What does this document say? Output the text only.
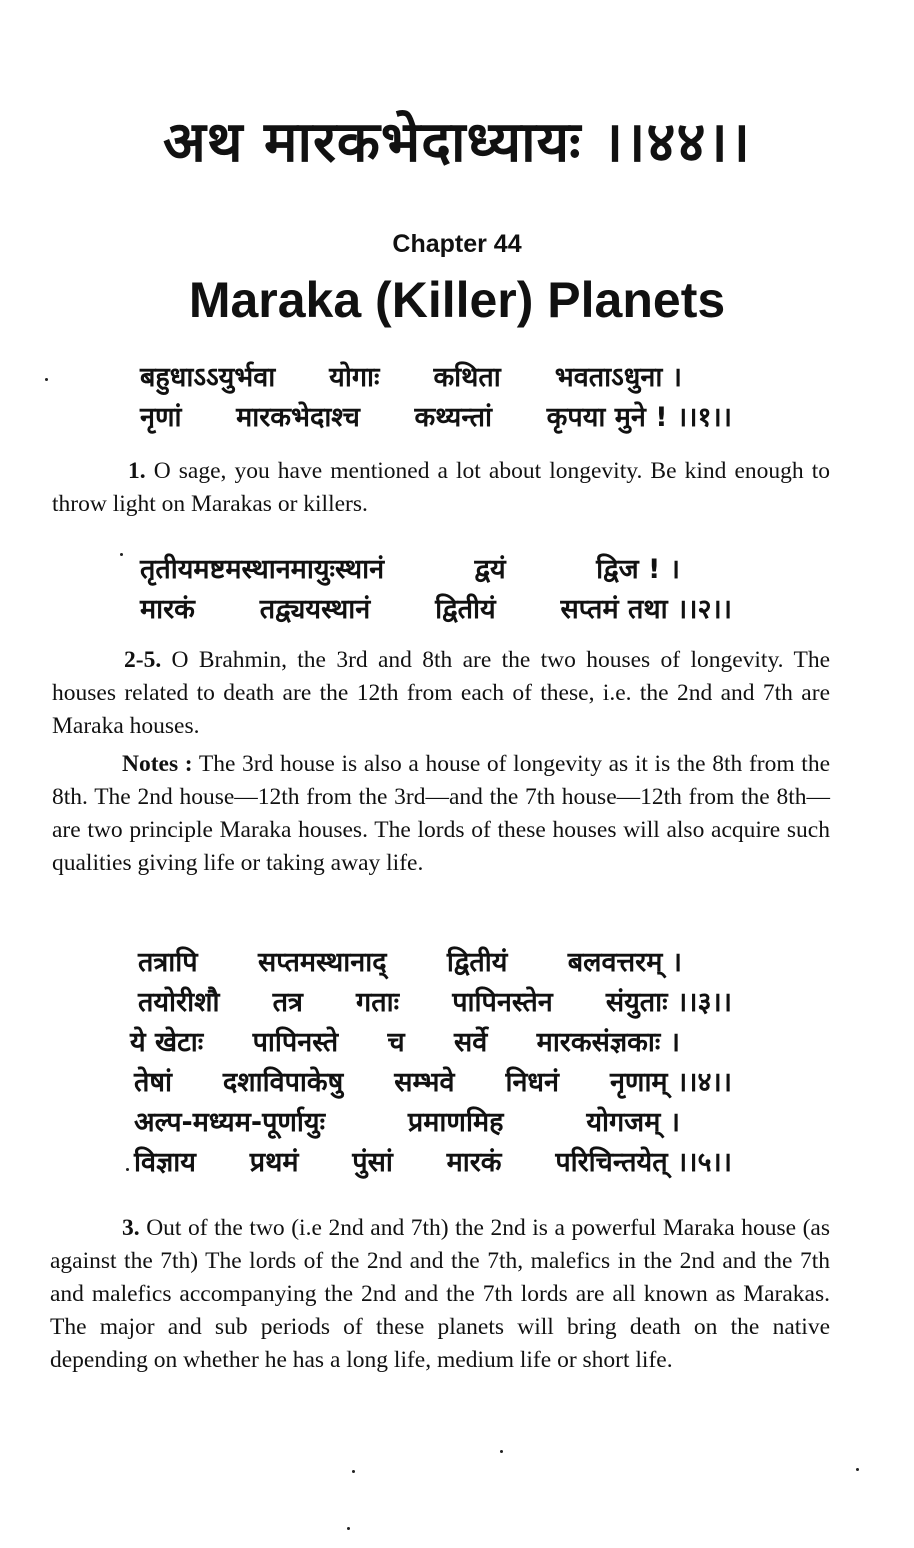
अथ मारकभेदाध्यायः ।।४४।।
Chapter 44
Maraka (Killer) Planets
बहुधाऽऽयुर्भवा योगाः कथिता भवताऽधुना ।
नृणां मारकभेदाश्च कथ्यन्तां कृपया मुने ! ।।१।।

1. O sage, you have mentioned a lot about longevity. Be kind enough to throw light on Marakas or killers.

तृतीयमष्टमस्थानमायुःस्थानं	द्वयं	द्विज ! ।
मारकं तद्व्ययस्थानं द्वितीयं सप्तमं तथा ।।२।।

2-5. O Brahmin, the 3rd and 8th are the two houses of longevity. The houses related to death are the 12th from each of these, i.e. the 2nd and 7th are Maraka houses.

Notes : The 3rd house is also a house of longevity as it is the 8th from the 8th. The 2nd house—12th from the 3rd—and the 7th house—12th from the 8th—are two principle Maraka houses. The lords of these houses will also acquire such qualities giving life or taking away life.

तत्रापि सप्तमस्थानाद् द्वितीयं बलवत्तरम् ।
तयोरीशौ तत्र गताः पापिनस्तेन संयुताः ।।३।।
ये खेटाः पापिनस्ते च सर्वे मारकसंज्ञकाः ।
तेषां दशाविपाकेषु सम्भवे निधनं नृणाम् ।।४।।
अल्प-मध्यम-पूर्णायुः	प्रमाणमिह	योगजम् ।
विज्ञाय प्रथमं पुंसां मारकं परिचिन्तयेत् ।।५।।

3. Out of the two (i.e 2nd and 7th) the 2nd is a powerful Maraka house (as against the 7th) The lords of the 2nd and the 7th, malefics in the 2nd and the 7th and malefics accompanying the 2nd and the 7th lords are all known as Marakas. The major and sub periods of these planets will bring death on the native depending on whether he has a long life, medium life or short life.
